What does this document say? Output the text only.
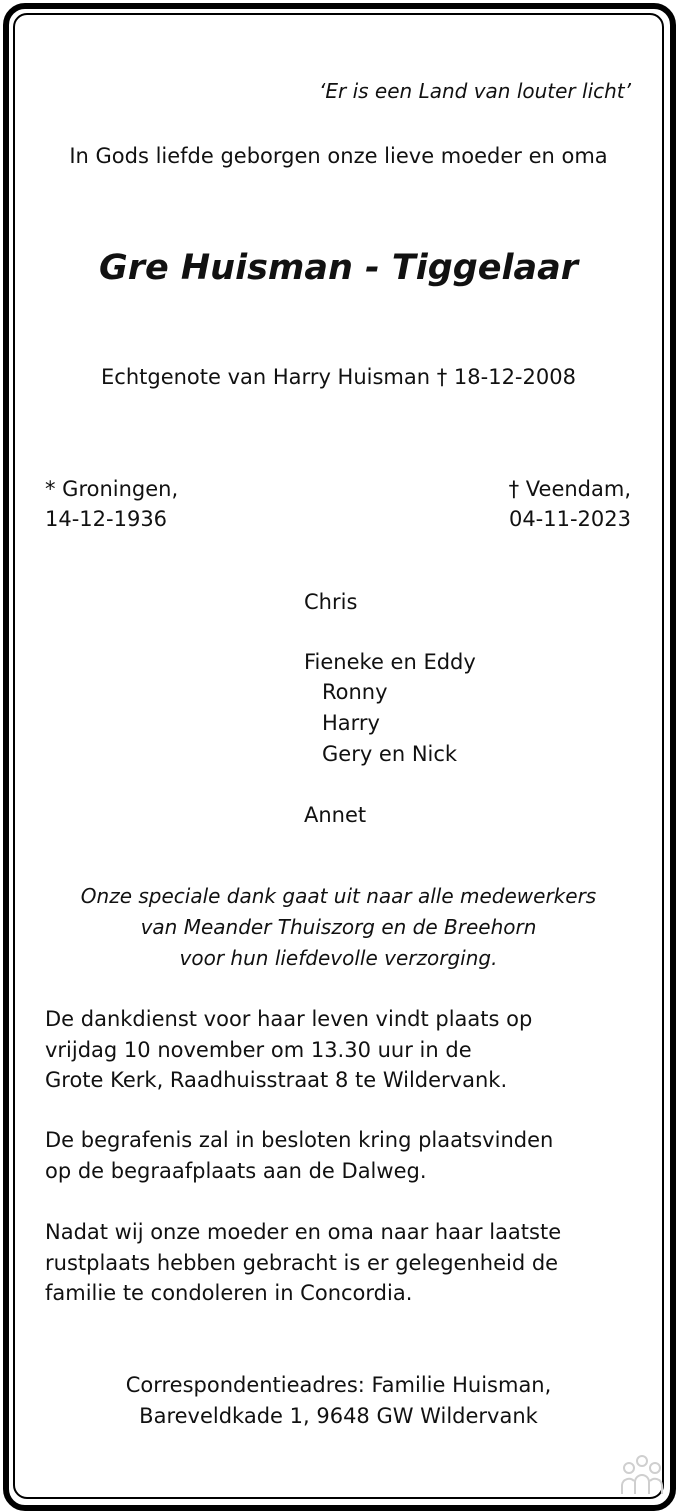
‘Er is een Land van louter licht’
In Gods liefde geborgen onze lieve moeder en oma
Gre Huisman - Tiggelaar
Echtgenote van Harry Huisman † 18-12-2008
* Groningen,
14-12-1936
† Veendam,
04-11-2023
Chris
Fieneke en Eddy
Ronny
Harry
Gery en Nick
Annet
Onze speciale dank gaat uit naar alle medewerkers
van Meander Thuiszorg en de Breehorn
voor hun liefdevolle verzorging.
De dankdienst voor haar leven vindt plaats op
vrijdag 10 november om 13.30 uur in de
Grote Kerk, Raadhuisstraat 8 te Wildervank.
De begrafenis zal in besloten kring plaatsvinden
op de begraafplaats aan de Dalweg.
Nadat wij onze moeder en oma naar haar laatste
rustplaats hebben gebracht is er gelegenheid de
familie te condoleren in Concordia.
Correspondentieadres: Familie Huisman,
Bareveldkade 1, 9648 GW Wildervank
